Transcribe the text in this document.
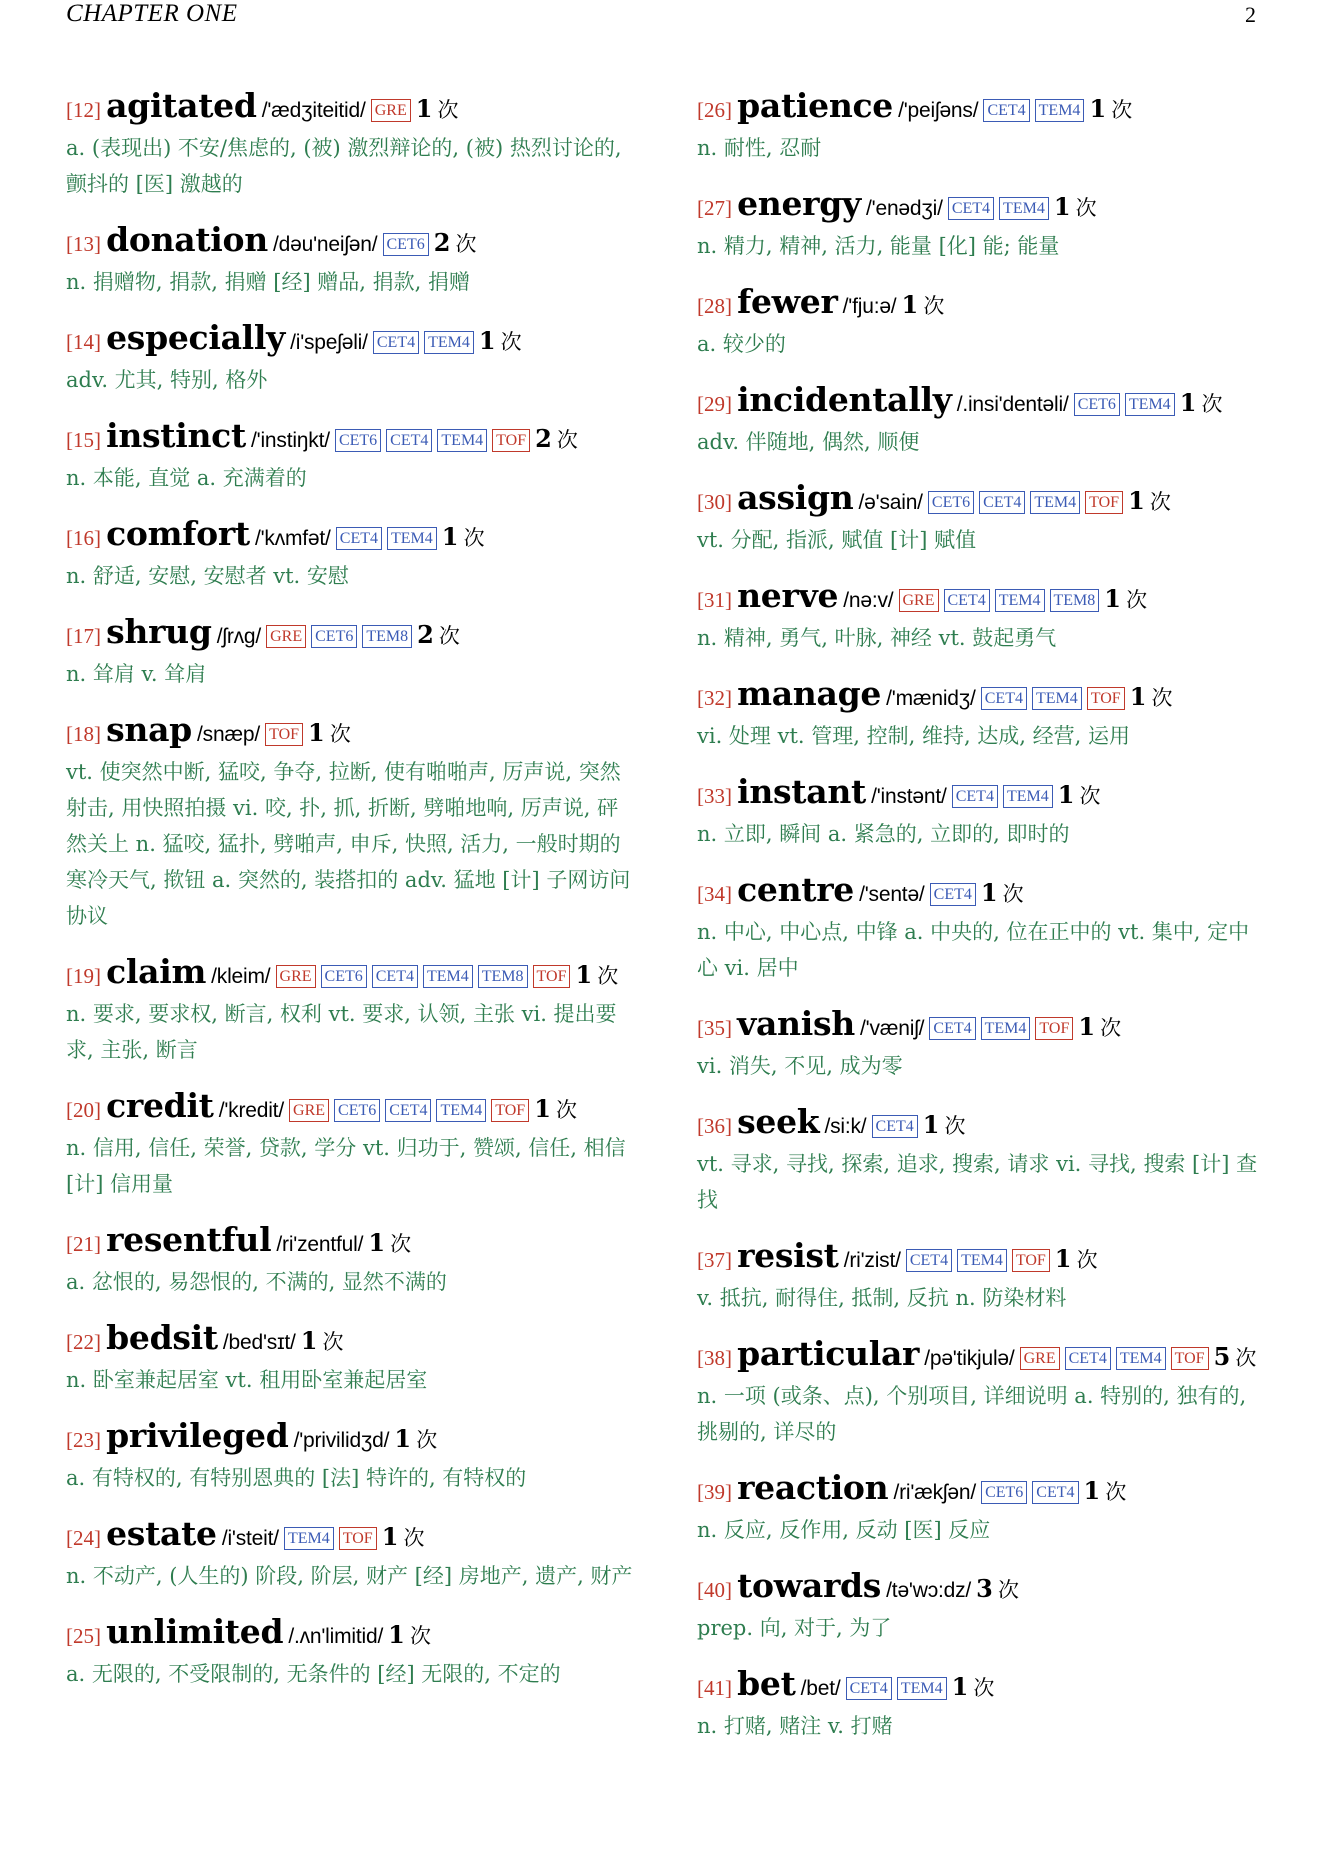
CHAPTER ONE	2
[12] agitated /'ædʒiteitid/ GRE 1 次
a. (表现出) 不安/焦虑的, (被) 激烈辩论的, (被) 热烈讨论的, 颤抖的 [医] 激越的
[13] donation /dəu'neiʃən/ CET6 2 次
n. 捐赠物, 捐款, 捐赠 [经] 赠品, 捐款, 捐赠
[14] especially /i'speʃəli/ CET4 TEM4 1 次
adv. 尤其, 特别, 格外
[15] instinct /'instiŋkt/ CET6 CET4 TEM4 TOF 2 次
n. 本能, 直觉 a. 充满着的
[16] comfort /'kʌmfət/ CET4 TEM4 1 次
n. 舒适, 安慰, 安慰者 vt. 安慰
[17] shrug /ʃrʌg/ GRE CET6 TEM8 2 次
n. 耸肩 v. 耸肩
[18] snap /snæp/ TOF 1 次
vt. 使突然中断, 猛咬, 争夺, 拉断, 使有啪啪声, 厉声说, 突然射击, 用快照拍摄 vi. 咬, 扑, 抓, 折断, 劈啪地响, 厉声说, 砰然关上 n. 猛咬, 猛扑, 劈啪声, 申斥, 快照, 活力, 一般时期的寒冷天气, 揿钮 a. 突然的, 装搭扣的 adv. 猛地 [计] 子网访问协议
[19] claim /kleim/ GRE CET6 CET4 TEM4 TEM8 TOF 1 次
n. 要求, 要求权, 断言, 权利 vt. 要求, 认领, 主张 vi. 提出要求, 主张, 断言
[20] credit /'kredit/ GRE CET6 CET4 TEM4 TOF 1 次
n. 信用, 信任, 荣誉, 贷款, 学分 vt. 归功于, 赞颂, 信任, 相信 [计] 信用量
[21] resentful /ri'zentful/ 1 次
a. 忿恨的, 易怨恨的, 不满的, 显然不满的
[22] bedsit /bed'sɪt/ 1 次
n. 卧室兼起居室 vt. 租用卧室兼起居室
[23] privileged /'privilidʒd/ 1 次
a. 有特权的, 有特别恩典的 [法] 特许的, 有特权的
[24] estate /i'steit/ TEM4 TOF 1 次
n. 不动产, (人生的) 阶段, 阶层, 财产 [经] 房地产, 遗产, 财产
[25] unlimited /.ʌn'limitid/ 1 次
a. 无限的, 不受限制的, 无条件的 [经] 无限的, 不定的
[26] patience /'peiʃəns/ CET4 TEM4 1 次
n. 耐性, 忍耐
[27] energy /'enədʒi/ CET4 TEM4 1 次
n. 精力, 精神, 活力, 能量 [化] 能; 能量
[28] fewer /'fju:ə/ 1 次
a. 较少的
[29] incidentally /.insi'dentəli/ CET6 TEM4 1 次
adv. 伴随地, 偶然, 顺便
[30] assign /ə'sain/ CET6 CET4 TEM4 TOF 1 次
vt. 分配, 指派, 赋值 [计] 赋值
[31] nerve /nə:v/ GRE CET4 TEM4 TEM8 1 次
n. 精神, 勇气, 叶脉, 神经 vt. 鼓起勇气
[32] manage /'mænidʒ/ CET4 TEM4 TOF 1 次
vi. 处理 vt. 管理, 控制, 维持, 达成, 经营, 运用
[33] instant /'instənt/ CET4 TEM4 1 次
n. 立即, 瞬间 a. 紧急的, 立即的, 即时的
[34] centre /'sentə/ CET4 1 次
n. 中心, 中心点, 中锋 a. 中央的, 位在正中的 vt. 集中, 定中心 vi. 居中
[35] vanish /'væniʃ/ CET4 TEM4 TOF 1 次
vi. 消失, 不见, 成为零
[36] seek /si:k/ CET4 1 次
vt. 寻求, 寻找, 探索, 追求, 搜索, 请求 vi. 寻找, 搜索 [计] 查找
[37] resist /ri'zist/ CET4 TEM4 TOF 1 次
v. 抵抗, 耐得住, 抵制, 反抗 n. 防染材料
[38] particular /pə'tikjulə/ GRE CET4 TEM4 TOF 5 次
n. 一项 (或条、点), 个别项目, 详细说明 a. 特别的, 独有的, 挑剔的, 详尽的
[39] reaction /ri'ækʃən/ CET6 CET4 1 次
n. 反应, 反作用, 反动 [医] 反应
[40] towards /tə'wɔ:dz/ 3 次
prep. 向, 对于, 为了
[41] bet /bet/ CET4 TEM4 1 次
n. 打赌, 赌注 v. 打赌
